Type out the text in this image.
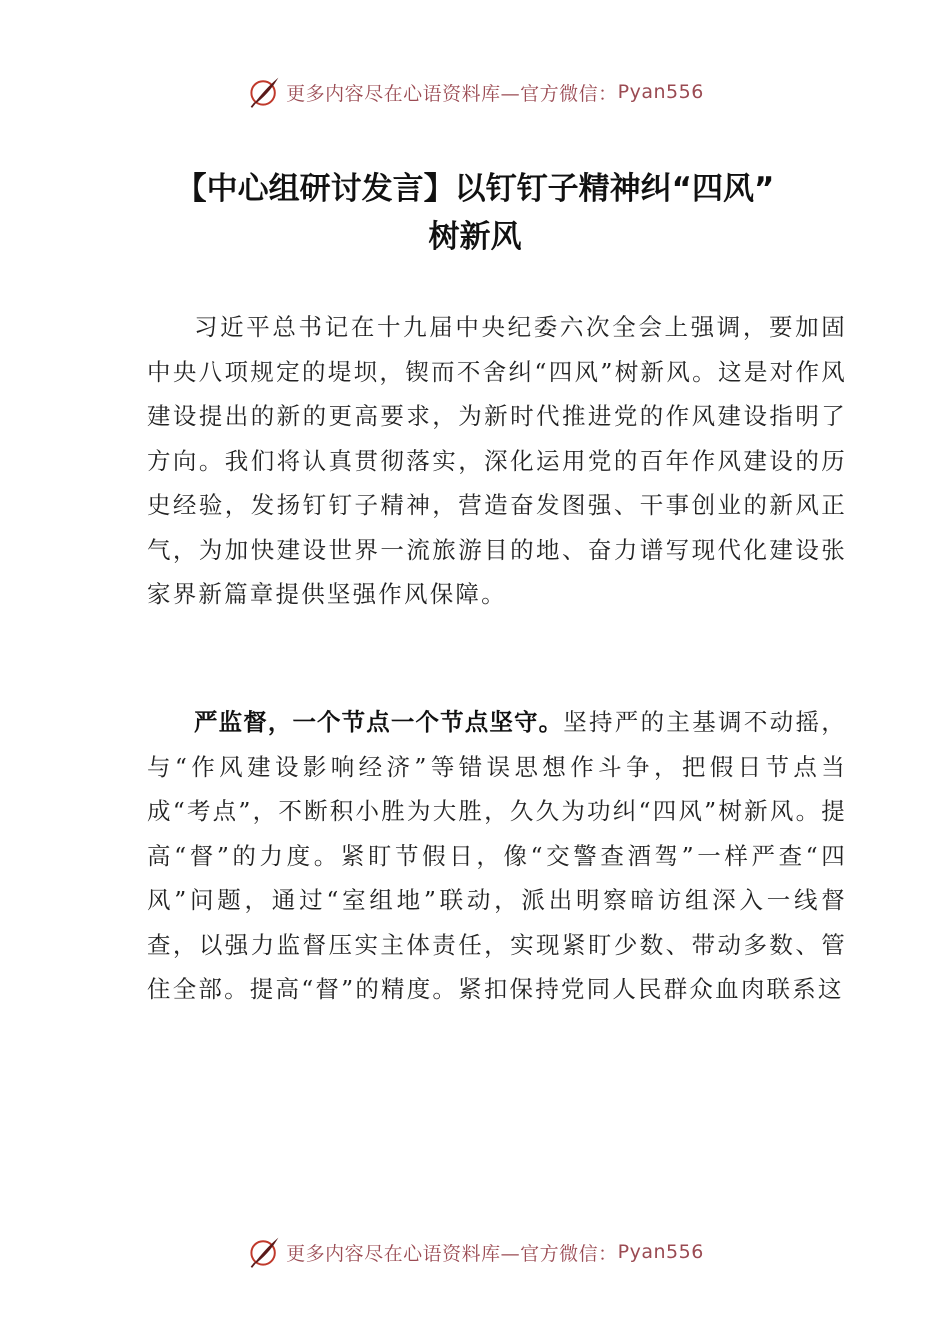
更多内容尽在心语资料库—官方微信： Pyan556
【中心组研讨发言】以钉钉子精神纠“四风”
树新风

习近平总书记在十九届中央纪委六次全会上强调，要加固中央八项规定的堤坝，锲而不舍纠“四风”树新风。这是对作风建设提出的新的更高要求，为新时代推进党的作风建设指明了方向。我们将认真贯彻落实，深化运用党的百年作风建设的历史经验，发扬钉钉子精神，营造奋发图强、干事创业的新风正气，为加快建设世界一流旅游目的地、奋力谱写现代化建设张家界新篇章提供坚强作风保障。

严监督，一个节点一个节点坚守。坚持严的主基调不动摇，与“作风建设影响经济”等错误思想作斗争，把假日节点当成“考点”，不断积小胜为大胜，久久为功纠“四风”树新风。提高“督”的力度。紧盯节假日，像“交警查酒驾”一样严查“四风”问题，通过“室组地”联动，派出明察暗访组深入一线督查，以强力监督压实主体责任，实现紧盯少数、带动多数、管住全部。提高“督”的精度。紧扣保持党同人民群众血肉联系这

更多内容尽在心语资料库—官方微信： Pyan556
